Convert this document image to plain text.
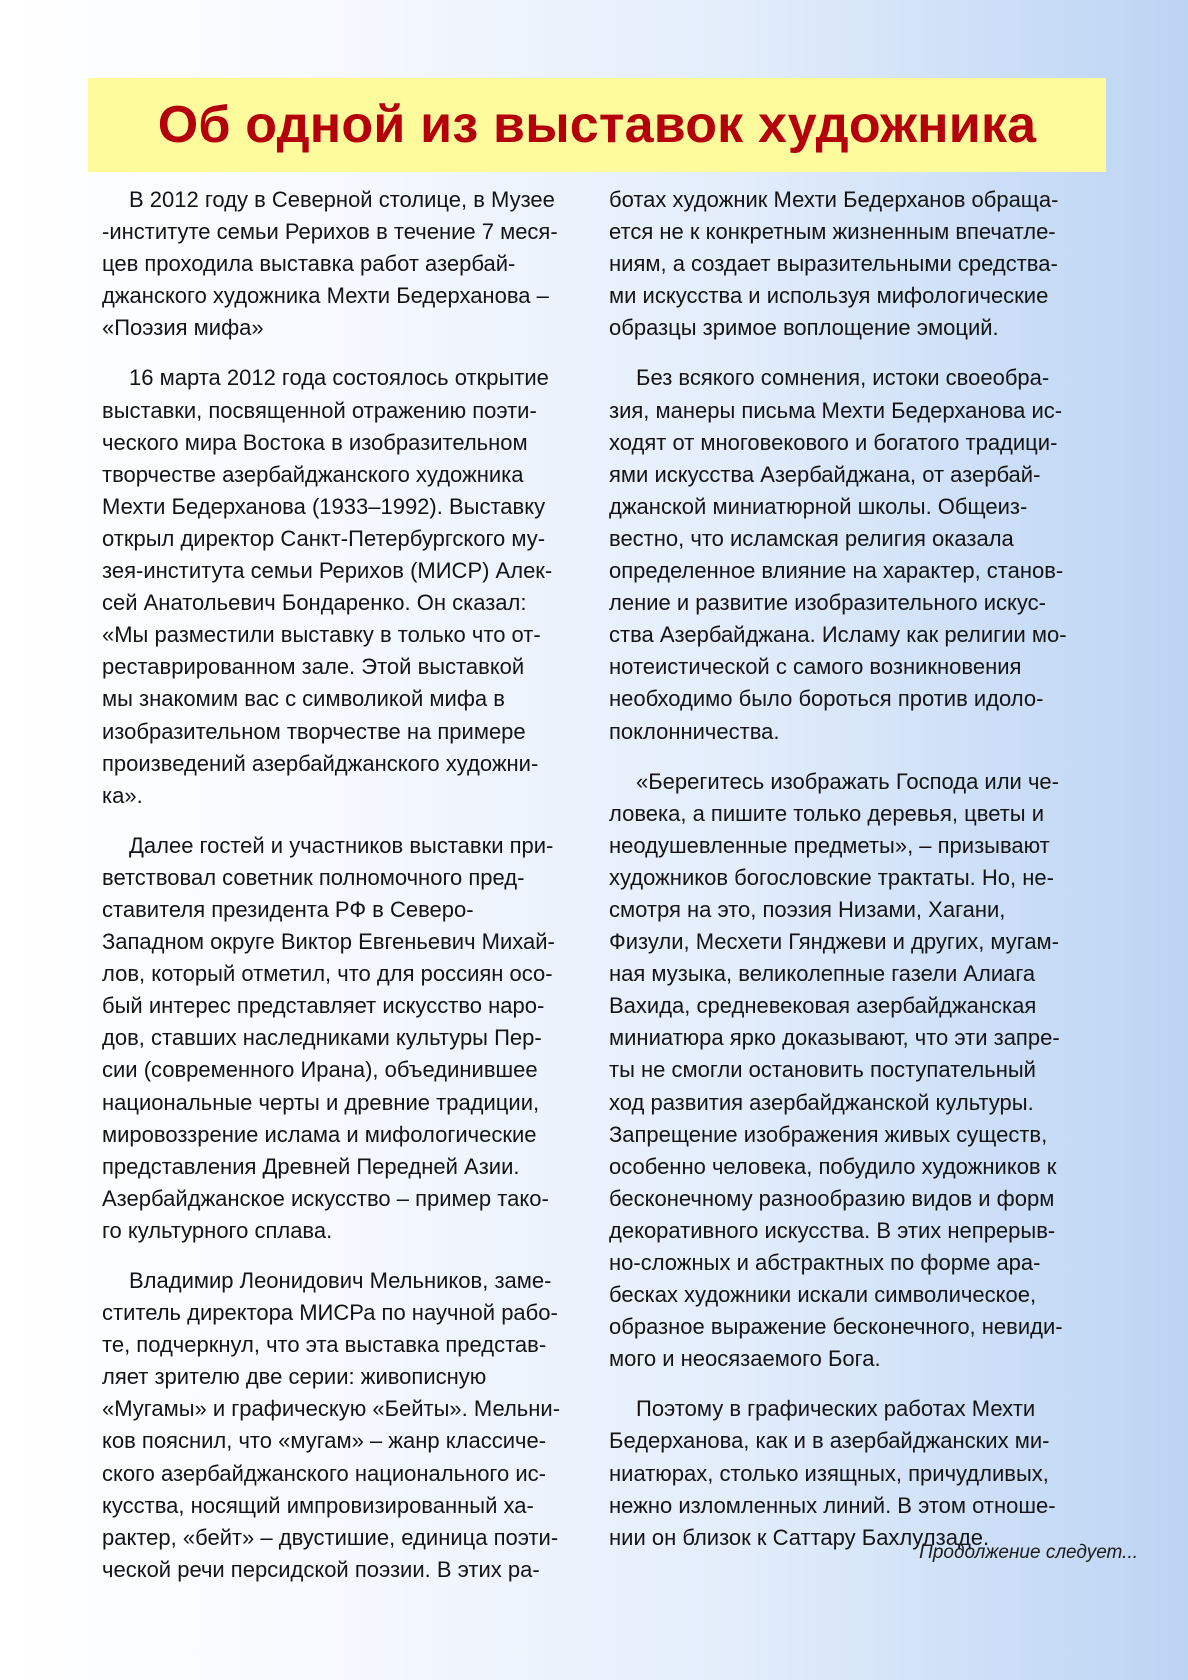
Об одной из выставок художника

В 2012 году в Северной столице, в Музее
-институте семьи Рерихов в течение 7 меся-
цев проходила выставка работ азербай-
джанского художника Мехти Бедерханова –
«Поэзия мифа»

16 марта 2012 года состоялось открытие
выставки, посвященной отражению поэти-
ческого мира Востока в изобразительном
творчестве азербайджанского художника
Мехти Бедерханова (1933–1992). Выставку
открыл директор Санкт-Петербургского му-
зея-института семьи Рерихов (МИСР) Алек-
сей Анатольевич Бондаренко. Он сказал:
«Мы разместили выставку в только что от-
реставрированном зале. Этой выставкой
мы знакомим вас с символикой мифа в
изобразительном творчестве на примере
произведений азербайджанского художни-
ка».

Далее гостей и участников выставки при-
ветствовал советник полномочного пред-
ставителя президента РФ в Северо-
Западном округе Виктор Евгеньевич Михай-
лов, который отметил, что для россиян осо-
бый интерес представляет искусство наро-
дов, ставших наследниками культуры Пер-
сии (современного Ирана), объединившее
национальные черты и древние традиции,
мировоззрение ислама и мифологические
представления Древней Передней Азии.
Азербайджанское искусство – пример тако-
го культурного сплава.

Владимир Леонидович Мельников, заме-
ститель директора МИСРа по научной рабо-
те, подчеркнул, что эта выставка представ-
ляет зрителю две серии: живописную
«Мугамы» и графическую «Бейты». Мельни-
ков пояснил, что «мугам» – жанр классиче-
ского азербайджанского национального ис-
кусства, носящий импровизированный ха-
рактер, «бейт» – двустишие, единица поэти-
ческой речи персидской поэзии. В этих ра-

ботах художник Мехти Бедерханов обраща-
ется не к конкретным жизненным впечатле-
ниям, а создает выразительными средства-
ми искусства и используя мифологические
образцы зримое воплощение эмоций.

Без всякого сомнения, истоки своеобра-
зия, манеры письма Мехти Бедерханова ис-
ходят от многовекового и богатого традици-
ями искусства Азербайджана, от азербай-
джанской миниатюрной школы. Общеиз-
вестно, что исламская религия оказала
определенное влияние на характер, станов-
ление и развитие изобразительного искус-
ства Азербайджана. Исламу как религии мо-
нотеистической с самого возникновения
необходимо было бороться против идоло-
поклонничества.

«Берегитесь изображать Господа или че-
ловека, а пишите только деревья, цветы и
неодушевленные предметы», – призывают
художников богословские трактаты. Но, не-
смотря на это, поэзия Низами, Хагани,
Физули, Месхети Гянджеви и других, мугам-
ная музыка, великолепные газели Алиага
Вахида, средневековая азербайджанская
миниатюра ярко доказывают, что эти запре-
ты не смогли остановить поступательный
ход развития азербайджанской культуры.
Запрещение изображения живых существ,
особенно человека, побудило художников к
бесконечному разнообразию видов и форм
декоративного искусства. В этих непрерыв-
но-сложных и абстрактных по форме ара-
бесках художники искали символическое,
образное выражение бесконечного, невиди-
мого и неосязаемого Бога.

Поэтому в графических работах Мехти
Бедерханова, как и в азербайджанских ми-
ниатюрах, столько изящных, причудливых,
нежно изломленных линий. В этом отноше-
нии он близок к Саттару Бахлулзаде.

Продолжение следует...
